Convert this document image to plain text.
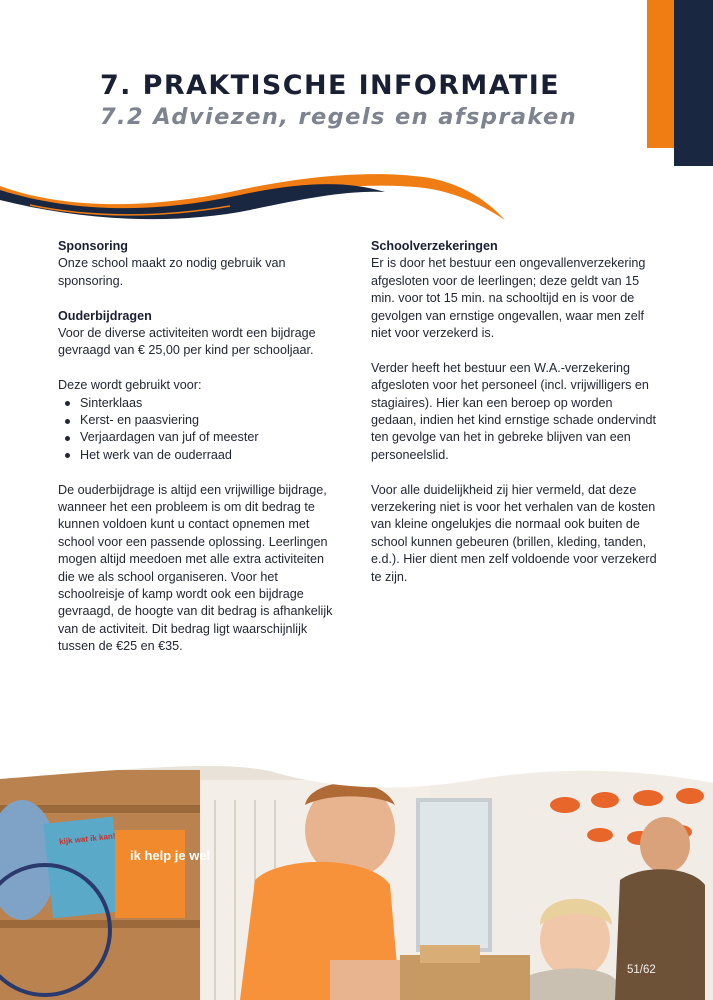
7. PRAKTISCHE INFORMATIE
7.2 Adviezen, regels en afspraken
Sponsoring

Onze school maakt zo nodig gebruik van sponsoring.

Ouderbijdragen

Voor de diverse activiteiten wordt een bijdrage gevraagd van € 25,00 per kind per schooljaar.

Deze wordt gebruikt voor:

Sinterklaas
Kerst- en paasviering
Verjaardagen van juf of meester
Het werk van de ouderraad

De ouderbijdrage is altijd een vrijwillige bijdrage, wanneer het een probleem is om dit bedrag te kunnen voldoen kunt u contact opnemen met school voor een passende oplossing. Leerlingen mogen altijd meedoen met alle extra activiteiten die we als school organiseren. Voor het schoolreisje of kamp wordt ook een bijdrage gevraagd, de hoogte van dit bedrag is afhankelijk van de activiteit. Dit bedrag ligt waarschijnlijk tussen de €25 en €35.

Schoolverzekeringen

Er is door het bestuur een ongevallenverzekering afgesloten voor de leerlingen; deze geldt van 15 min. voor tot 15 min. na schooltijd en is voor de gevolgen van ernstige ongevallen, waar men zelf niet voor verzekerd is.

Verder heeft het bestuur een W.A.-verzekering afgesloten voor het personeel (incl. vrijwilligers en stagiaires). Hier kan een beroep op worden gedaan, indien het kind ernstige schade ondervindt ten gevolge van het in gebreke blijven van een personeelslid.

Voor alle duidelijkheid zij hier vermeld, dat deze verzekering niet is voor het verhalen van de kosten van kleine ongelukjes die normaal ook buiten de school kunnen gebeuren (brillen, kleding, tanden, e.d.). Hier dient men zelf voldoende voor verzekerd te zijn.

ik help je wel
kijk wat ik kan!
51/62
